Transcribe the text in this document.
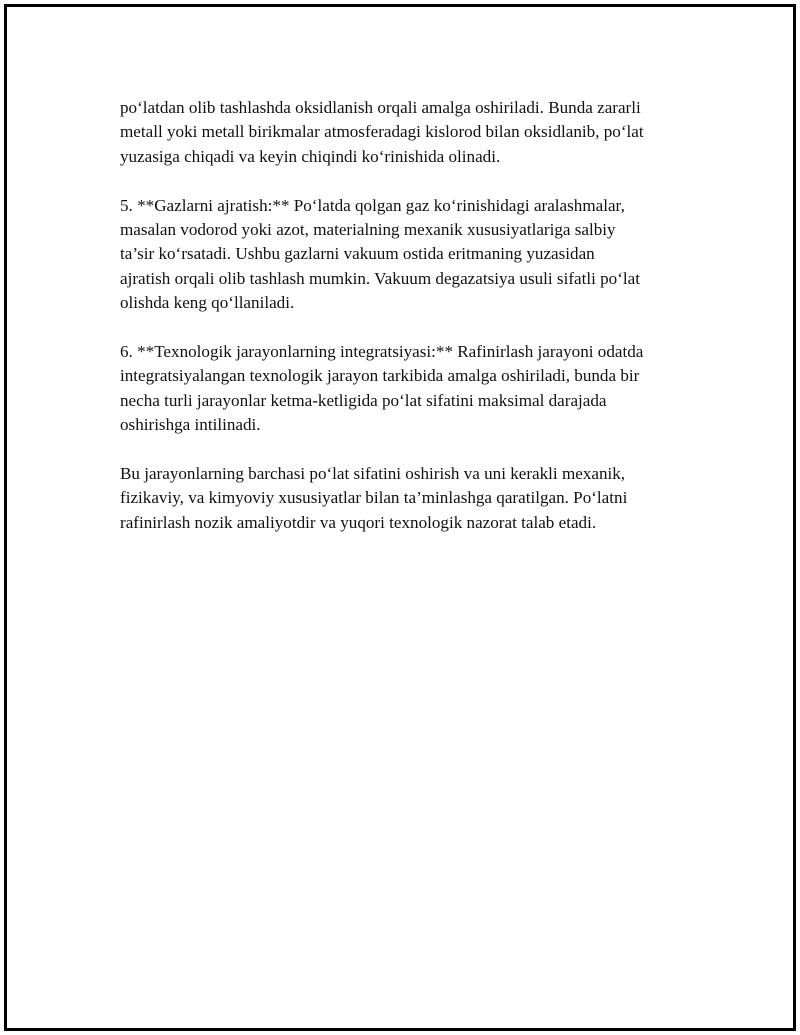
po‘latdan olib tashlashda oksidlanish orqali amalga oshiriladi. Bunda zararli
metall yoki metall birikmalar atmosferadagi kislorod bilan oksidlanib, po‘lat
yuzasiga chiqadi va keyin chiqindi ko‘rinishida olinadi.

5. **Gazlarni ajratish:** Po‘latda qolgan gaz ko‘rinishidagi aralashmalar,
masalan vodorod yoki azot, materialning mexanik xususiyatlariga salbiy
ta’sir ko‘rsatadi. Ushbu gazlarni vakuum ostida eritmaning yuzasidan
ajratish orqali olib tashlash mumkin. Vakuum degazatsiya usuli sifatli po‘lat
olishda keng qo‘llaniladi.

6. **Texnologik jarayonlarning integratsiyasi:** Rafinirlash jarayoni odatda
integratsiyalangan texnologik jarayon tarkibida amalga oshiriladi, bunda bir
necha turli jarayonlar ketma-ketligida po‘lat sifatini maksimal darajada
oshirishga intilinadi.

Bu jarayonlarning barchasi po‘lat sifatini oshirish va uni kerakli mexanik,
fizikaviy, va kimyoviy xususiyatlar bilan ta’minlashga qaratilgan. Po‘latni
rafinirlash nozik amaliyotdir va yuqori texnologik nazorat talab etadi.
